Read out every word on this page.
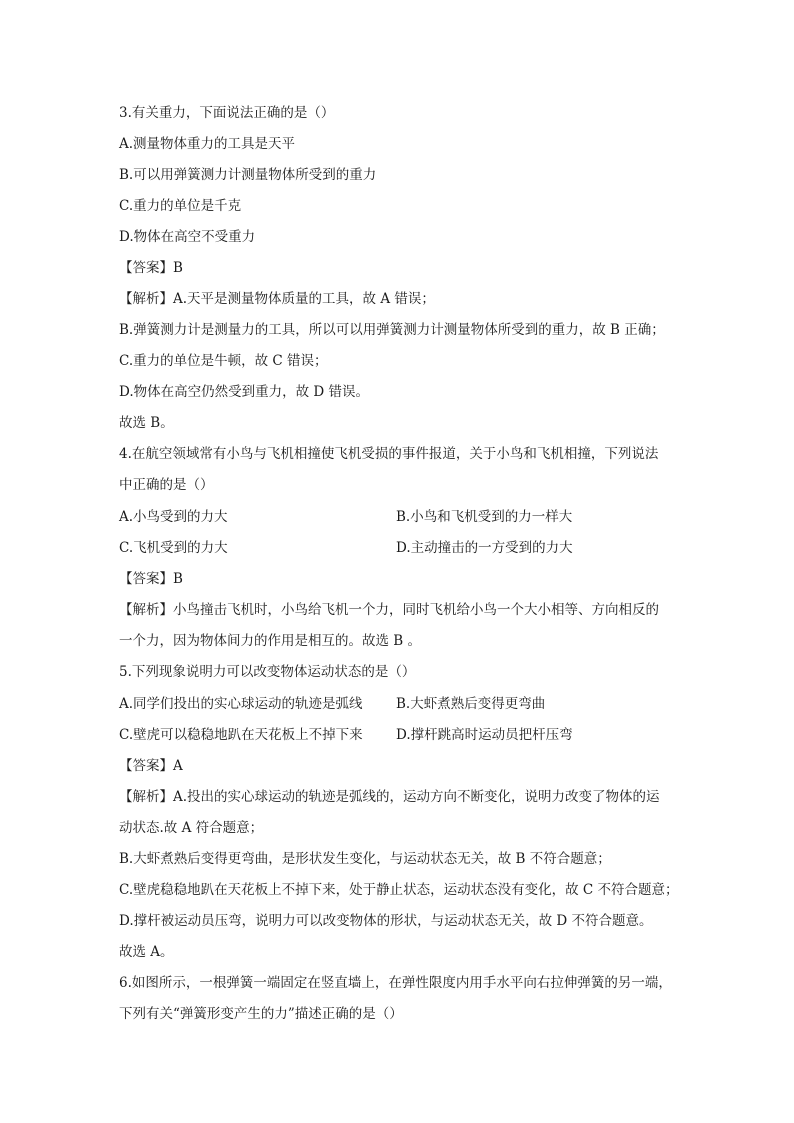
3.有关重力，下面说法正确的是（）
A.测量物体重力的工具是天平
B.可以用弹簧测力计测量物体所受到的重力
C.重力的单位是千克
D.物体在高空不受重力
【答案】B
【解析】A.天平是测量物体质量的工具，故 A 错误；
B.弹簧测力计是测量力的工具，所以可以用弹簧测力计测量物体所受到的重力，故 B 正确；
C.重力的单位是牛顿，故 C 错误；
D.物体在高空仍然受到重力，故 D 错误。
故选 B。
4.在航空领域常有小鸟与飞机相撞使飞机受损的事件报道，关于小鸟和飞机相撞，下列说法
中正确的是（）
A.小鸟受到的力大	B.小鸟和飞机受到的力一样大
C.飞机受到的力大	D.主动撞击的一方受到的力大
【答案】B
【解析】小鸟撞击飞机时，小鸟给飞机一个力，同时飞机给小鸟一个大小相等、方向相反的
一个力，因为物体间力的作用是相互的。故选 B 。
5.下列现象说明力可以改变物体运动状态的是（）
A.同学们投出的实心球运动的轨迹是弧线 B.大虾煮熟后变得更弯曲
C.壁虎可以稳稳地趴在天花板上不掉下来 D.撑杆跳高时运动员把杆压弯
【答案】A
【解析】A.投出的实心球运动的轨迹是弧线的，运动方向不断变化，说明力改变了物体的运
动状态.故 A 符合题意；
B.大虾煮熟后变得更弯曲，是形状发生变化，与运动状态无关，故 B 不符合题意；
C.壁虎稳稳地趴在天花板上不掉下来，处于静止状态，运动状态没有变化，故 C 不符合题意；
D.撑杆被运动员压弯，说明力可以改变物体的形状，与运动状态无关，故 D 不符合题意。
故选 A。
6.如图所示，一根弹簧一端固定在竖直墙上，在弹性限度内用手水平向右拉伸弹簧的另一端，
下列有关“弹簧形变产生的力”描述正确的是（）
